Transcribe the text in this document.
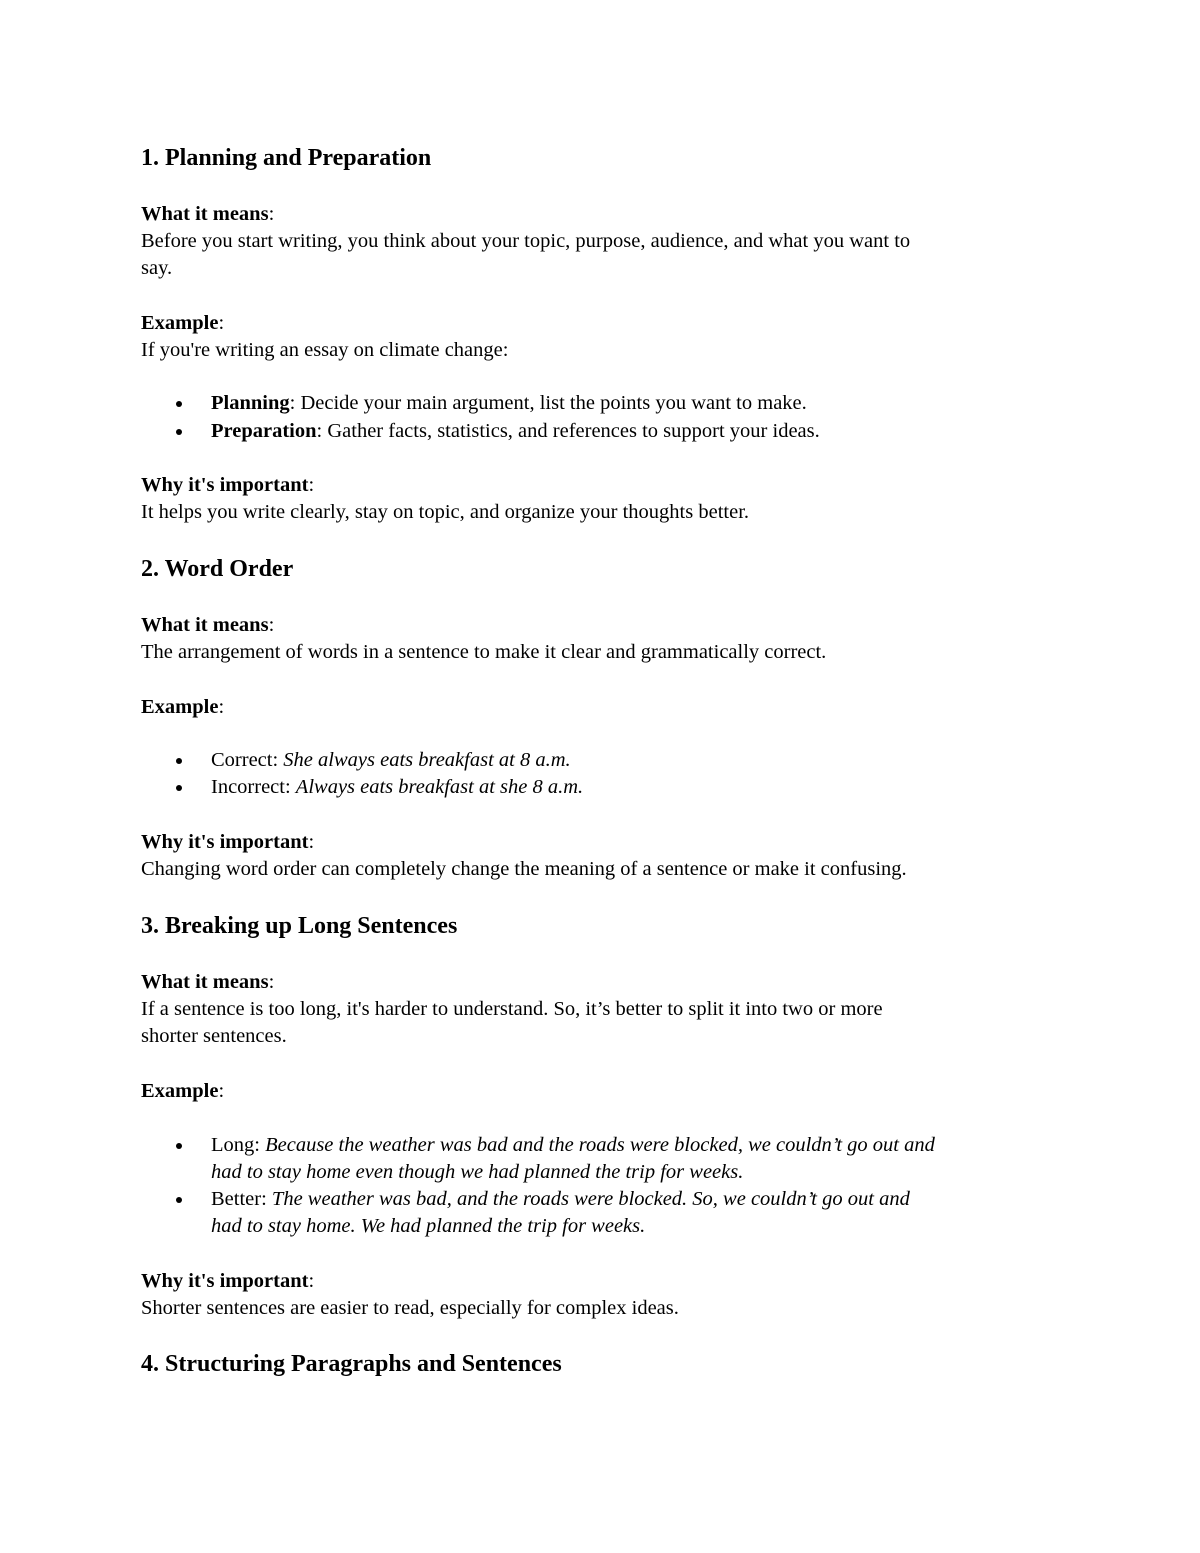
1. Planning and Preparation
What it means:
Before you start writing, you think about your topic, purpose, audience, and what you want to
say.
Example:
If you're writing an essay on climate change:
Planning: Decide your main argument, list the points you want to make.
Preparation: Gather facts, statistics, and references to support your ideas.
Why it's important:
It helps you write clearly, stay on topic, and organize your thoughts better.
2. Word Order
What it means:
The arrangement of words in a sentence to make it clear and grammatically correct.
Example:
Correct: She always eats breakfast at 8 a.m.
Incorrect: Always eats breakfast at she 8 a.m.
Why it's important:
Changing word order can completely change the meaning of a sentence or make it confusing.
3. Breaking up Long Sentences
What it means:
If a sentence is too long, it's harder to understand. So, it’s better to split it into two or more
shorter sentences.
Example:
Long: Because the weather was bad and the roads were blocked, we couldn’t go out and
had to stay home even though we had planned the trip for weeks.
Better: The weather was bad, and the roads were blocked. So, we couldn’t go out and
had to stay home. We had planned the trip for weeks.
Why it's important:
Shorter sentences are easier to read, especially for complex ideas.
4. Structuring Paragraphs and Sentences
